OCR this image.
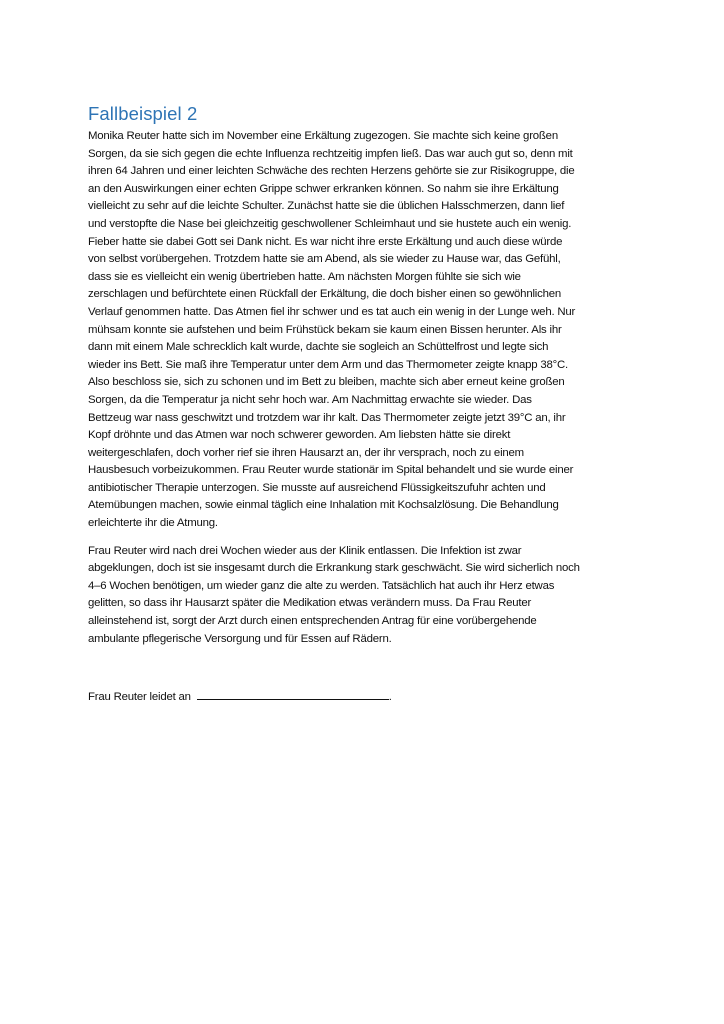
Fallbeispiel 2

Monika Reuter hatte sich im November eine Erkältung zugezogen. Sie machte sich keine großen
Sorgen, da sie sich gegen die echte Influenza rechtzeitig impfen ließ. Das war auch gut so, denn mit
ihren 64 Jahren und einer leichten Schwäche des rechten Herzens gehörte sie zur Risikogruppe, die
an den Auswirkungen einer echten Grippe schwer erkranken können. So nahm sie ihre Erkältung
vielleicht zu sehr auf die leichte Schulter. Zunächst hatte sie die üblichen Halsschmerzen, dann lief
und verstopfte die Nase bei gleichzeitig geschwollener Schleimhaut und sie hustete auch ein wenig.
Fieber hatte sie dabei Gott sei Dank nicht. Es war nicht ihre erste Erkältung und auch diese würde
von selbst vorübergehen. Trotzdem hatte sie am Abend, als sie wieder zu Hause war, das Gefühl,
dass sie es vielleicht ein wenig übertrieben hatte. Am nächsten Morgen fühlte sie sich wie
zerschlagen und befürchtete einen Rückfall der Erkältung, die doch bisher einen so gewöhnlichen
Verlauf genommen hatte. Das Atmen fiel ihr schwer und es tat auch ein wenig in der Lunge weh. Nur
mühsam konnte sie aufstehen und beim Frühstück bekam sie kaum einen Bissen herunter. Als ihr
dann mit einem Male schrecklich kalt wurde, dachte sie sogleich an Schüttelfrost und legte sich
wieder ins Bett. Sie maß ihre Temperatur unter dem Arm und das Thermometer zeigte knapp 38°C.
Also beschloss sie, sich zu schonen und im Bett zu bleiben, machte sich aber erneut keine großen
Sorgen, da die Temperatur ja nicht sehr hoch war. Am Nachmittag erwachte sie wieder. Das
Bettzeug war nass geschwitzt und trotzdem war ihr kalt. Das Thermometer zeigte jetzt 39°C an, ihr
Kopf dröhnte und das Atmen war noch schwerer geworden. Am liebsten hätte sie direkt
weitergeschlafen, doch vorher rief sie ihren Hausarzt an, der ihr versprach, noch zu einem
Hausbesuch vorbeizukommen. Frau Reuter wurde stationär im Spital behandelt und sie wurde einer
antibiotischer Therapie unterzogen. Sie musste auf ausreichend Flüssigkeitszufuhr achten und
Atemübungen machen, sowie einmal täglich eine Inhalation mit Kochsalzlösung. Die Behandlung
erleichterte ihr die Atmung.

Frau Reuter wird nach drei Wochen wieder aus der Klinik entlassen. Die Infektion ist zwar
abgeklungen, doch ist sie insgesamt durch die Erkrankung stark geschwächt. Sie wird sicherlich noch
4–6 Wochen benötigen, um wieder ganz die alte zu werden. Tatsächlich hat auch ihr Herz etwas
gelitten, so dass ihr Hausarzt später die Medikation etwas verändern muss. Da Frau Reuter
alleinstehend ist, sorgt der Arzt durch einen entsprechenden Antrag für eine vorübergehende
ambulante pflegerische Versorgung und für Essen auf Rädern.

Frau Reuter leidet an	.
